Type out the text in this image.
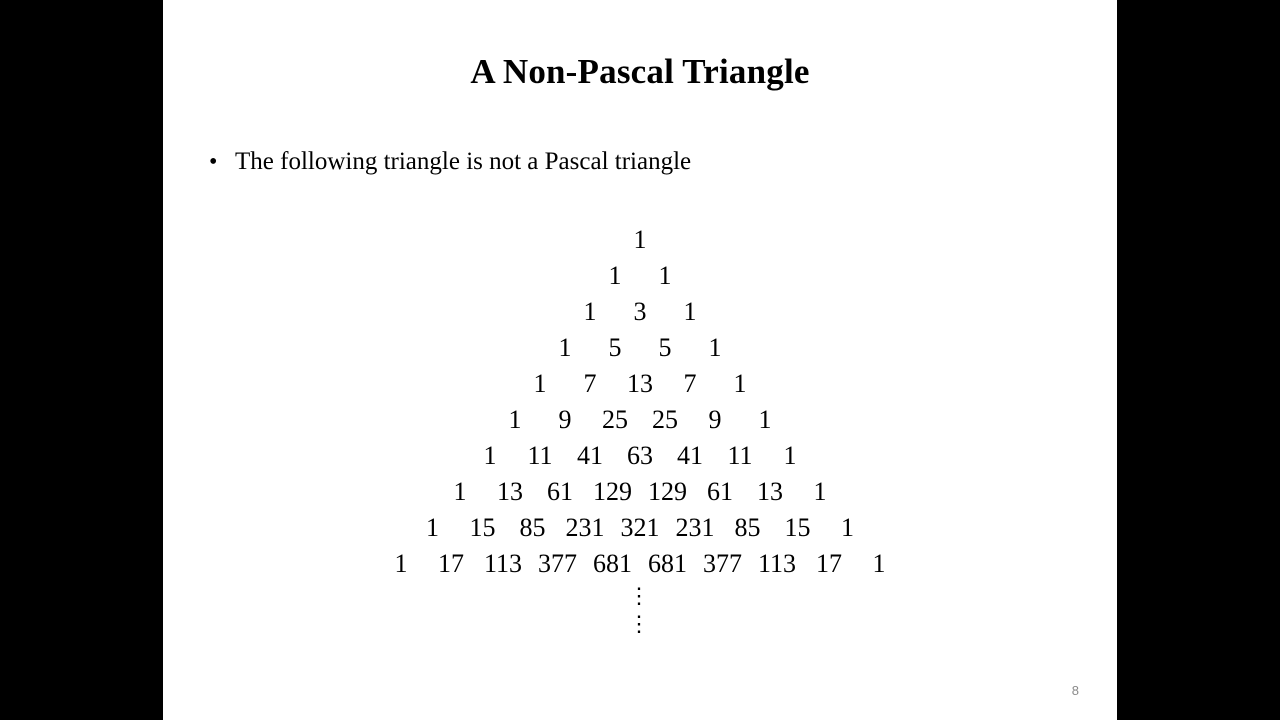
A Non-Pascal Triangle
• The following triangle is not a Pascal triangle
1
1	1
1	3	1
1	5	5	1
1	7	13	7	1
1	9	25 25	9	1
1	11 41 63 41 11	1
1	13 61 129 129 61 13	1
1	15 85 231 321 231 85 15	1
1	17 113 377 681 681 377 113 17	1
⋮
⋮
8
